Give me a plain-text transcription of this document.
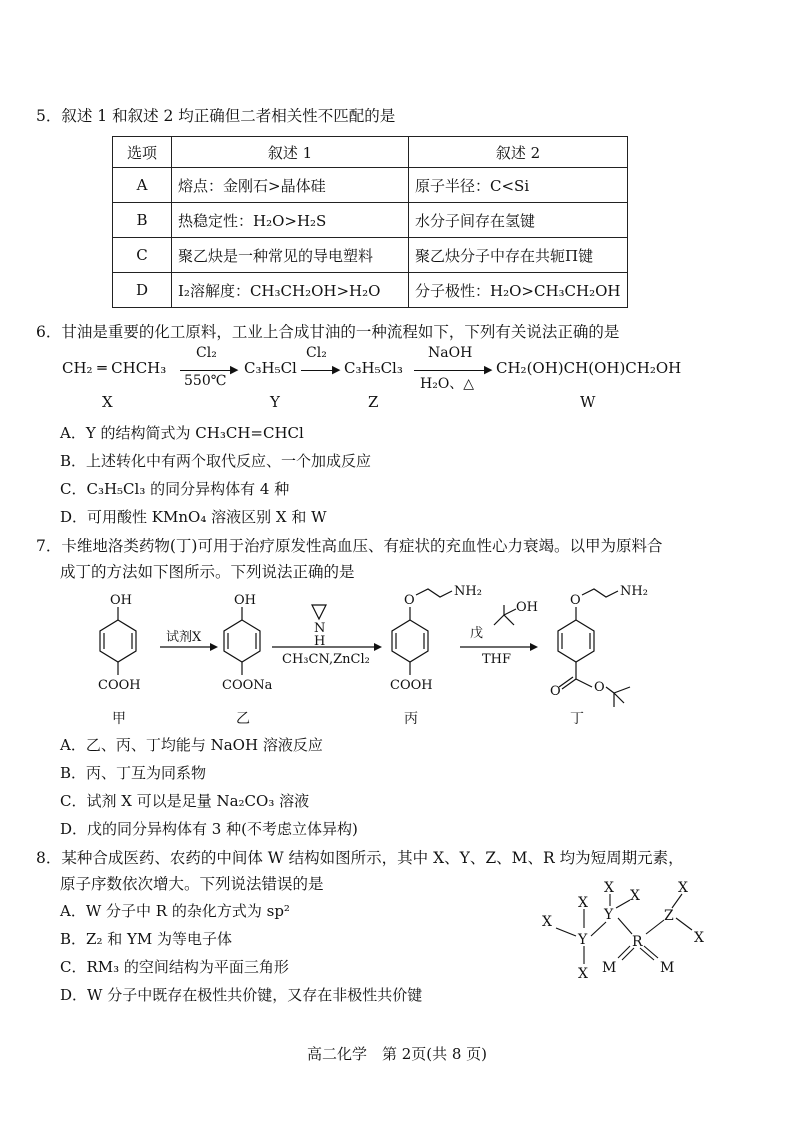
5．叙述 1 和叙述 2 均正确但二者相关性不匹配的是
选项	叙述 1	叙述 2
A	熔点：金刚石>晶体硅	原子半径：C<Si
B	热稳定性：H₂O>H₂S	水分子间存在氢键
C	聚乙炔是一种常见的导电塑料	聚乙炔分子中存在共轭Π键
D	I₂溶解度：CH₃CH₂OH>H₂O	分子极性：H₂O>CH₃CH₂OH
6．甘油是重要的化工原料，工业上合成甘油的一种流程如下，下列有关说法正确的是
CH₂ ═ CHCH₃
Cl₂
▶
550℃
C₃H₅Cl
Cl₂
▶ C₃H₅Cl₃
NaOH
▶
H₂O、△
CH₂(OH)CH(OH)CH₂OH
X	Y	Z	W
A．Y 的结构简式为 CH₃CH=CHCl
B．上述转化中有两个取代反应、一个加成反应
C．C₃H₅Cl₃ 的同分异构体有 4 种
D．可用酸性 KMnO₄ 溶液区别 X 和 W
7．卡维地洛类药物(丁)可用于治疗原发性高血压、有症状的充血性心力衰竭。以甲为原料合
成丁的方法如下图所示。下列说法正确的是
OH
COOH
OH
COONa
试剂X
N
H
CH₃CN,ZnCl₂
O
NH₂
COOH
戊
OH
THF
O
NH₂
O
O
甲	乙	丙	丁
A．乙、丙、丁均能与 NaOH 溶液反应
B．丙、丁互为同系物
C．试剂 X 可以是足量 Na₂CO₃ 溶液
D．戊的同分异构体有 3 种(不考虑立体异构)
8．某种合成医药、农药的中间体 W 结构如图所示，其中 X、Y、Z、M、R 均为短周期元素，
原子序数依次增大。下列说法错误的是
A．W 分子中 R 的杂化方式为 sp²
B．Z₂ 和 YM 为等电子体
C．RM₃ 的空间结构为平面三角形
D．W 分子中既存在极性共价键，又存在非极性共价键
X
X
Y
X
X
Y
X
R
M	M
Z
X
X
高二化学　第 2页(共 8 页)
